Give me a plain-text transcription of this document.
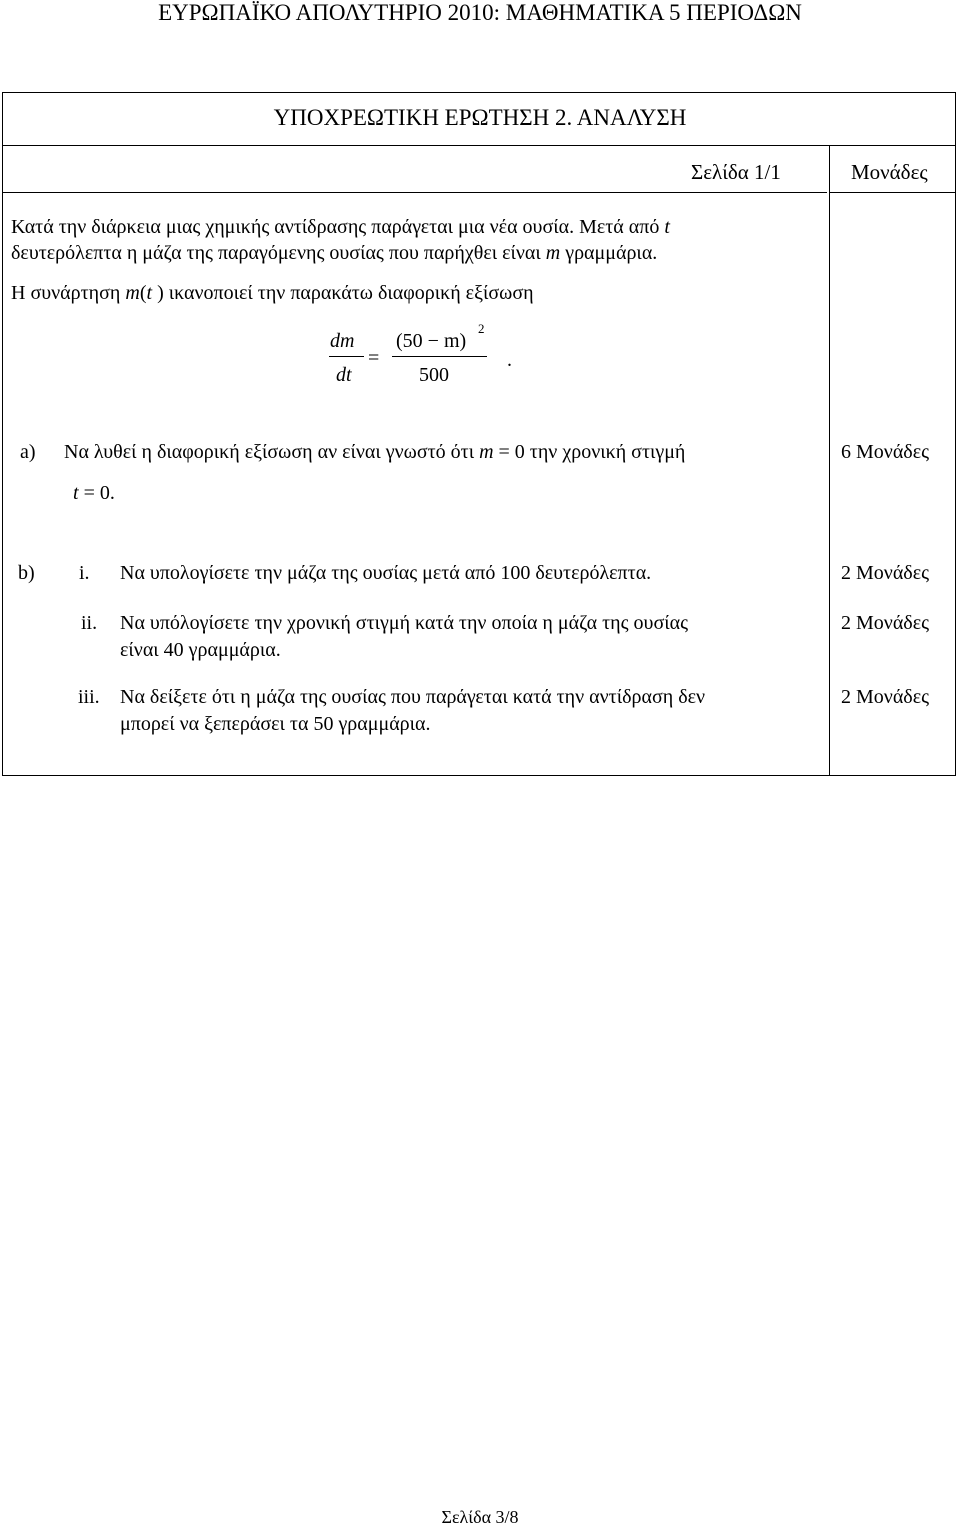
ΕΥΡΩΠΑΪΚΟ ΑΠΟΛΥΤΗΡΙΟ 2010: ΜΑΘΗΜΑΤΙΚΑ 5 ΠΕΡΙΟΔΩΝ
ΥΠΟΧΡΕΩΤΙΚΗ ΕΡΩΤΗΣΗ 2. ΑΝΑΛΥΣΗ
Σελίδα 1/1	Μονάδες
Κατά την διάρκεια μιας χημικής αντίδρασης παράγεται μια νέα ουσία. Μετά από t
δευτερόλεπτα η μάζα της παραγόμενης ουσίας που παρήχθει είναι m γραμμάρια.
Η συνάρτηση m(t ) ικανοποιεί την παρακάτω διαφορική εξίσωση
dm
dt
=
(50 − m)
2
500
.
a) Να λυθεί η διαφορική εξίσωση αν είναι γνωστό ότι m = 0 την χρονική στιγμή
t = 0.
6 Μονάδες
b) i. Να υπολογίσετε την μάζα της ουσίας μετά από 100 δευτερόλεπτα.	2 Μονάδες
ii. Να υπόλογίσετε την χρονική στιγμή κατά την οποία η μάζα της ουσίας
είναι 40 γραμμάρια.
2 Μονάδες
iii. Να δείξετε ότι η μάζα της ουσίας που παράγεται κατά την αντίδραση δεν
μπορεί να ξεπεράσει τα 50 γραμμάρια.
2 Μονάδες
Σελίδα 3/8
